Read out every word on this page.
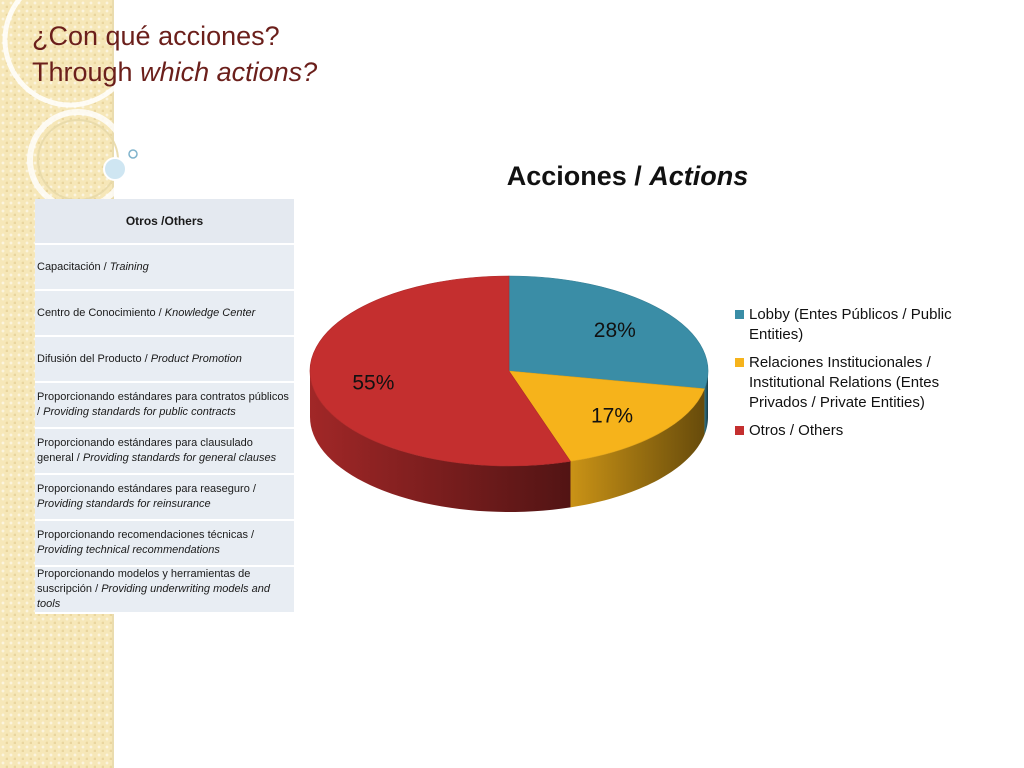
¿Con qué acciones?
Through which actions?
Otros /Others
Capacitación / Training
Centro de Conocimiento / Knowledge Center
Difusión del Producto / Product Promotion
Proporcionando estándares para contratos públicos / Providing standards for public contracts
Proporcionando estándares para clausulado general / Providing standards for general clauses
Proporcionando estándares para reaseguro / Providing standards for reinsurance
Proporcionando recomendaciones técnicas / Providing technical recommendations
Proporcionando modelos y herramientas de suscripción / Providing underwriting models and tools
Acciones / Actions
28%
17%
55%
Lobby (Entes Públicos / Public Entities)
Relaciones Institucionales / Institutional Relations (Entes Privados / Private Entities)
Otros / Others
